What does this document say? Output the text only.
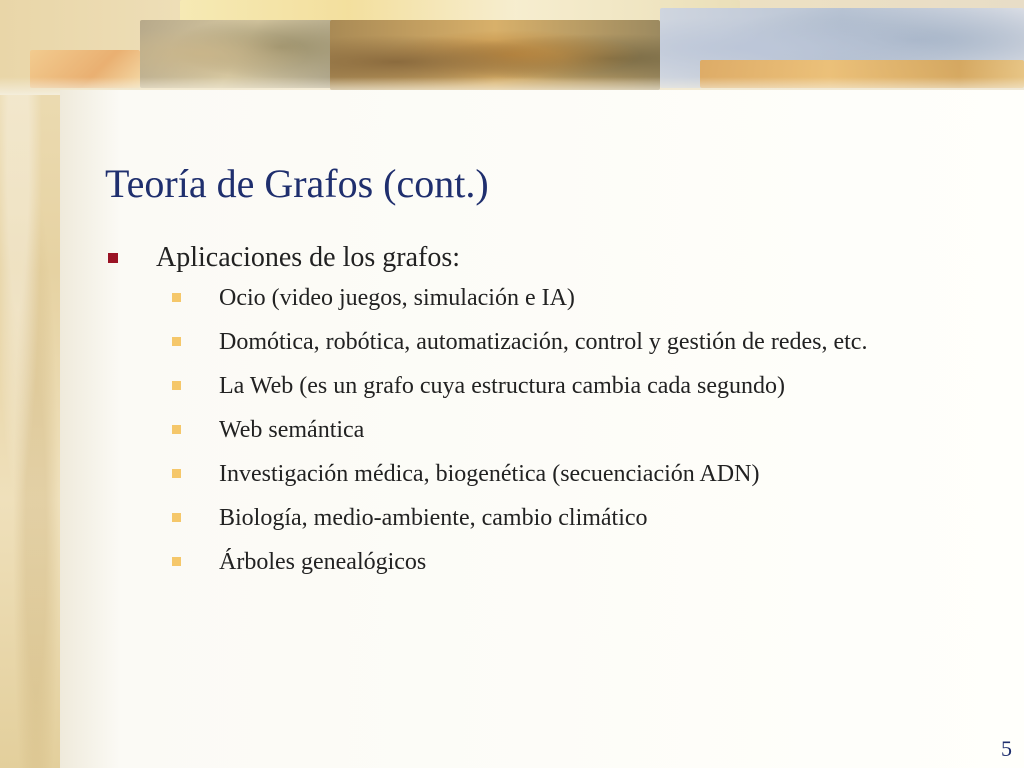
Teoría de Grafos (cont.)
Aplicaciones de los grafos:
Ocio (video juegos, simulación e IA)
Domótica, robótica, automatización, control y gestión de redes, etc.
La Web (es un grafo cuya estructura cambia cada segundo)
Web semántica
Investigación médica, biogenética (secuenciación ADN)
Biología, medio-ambiente, cambio climático
Árboles genealógicos
5
